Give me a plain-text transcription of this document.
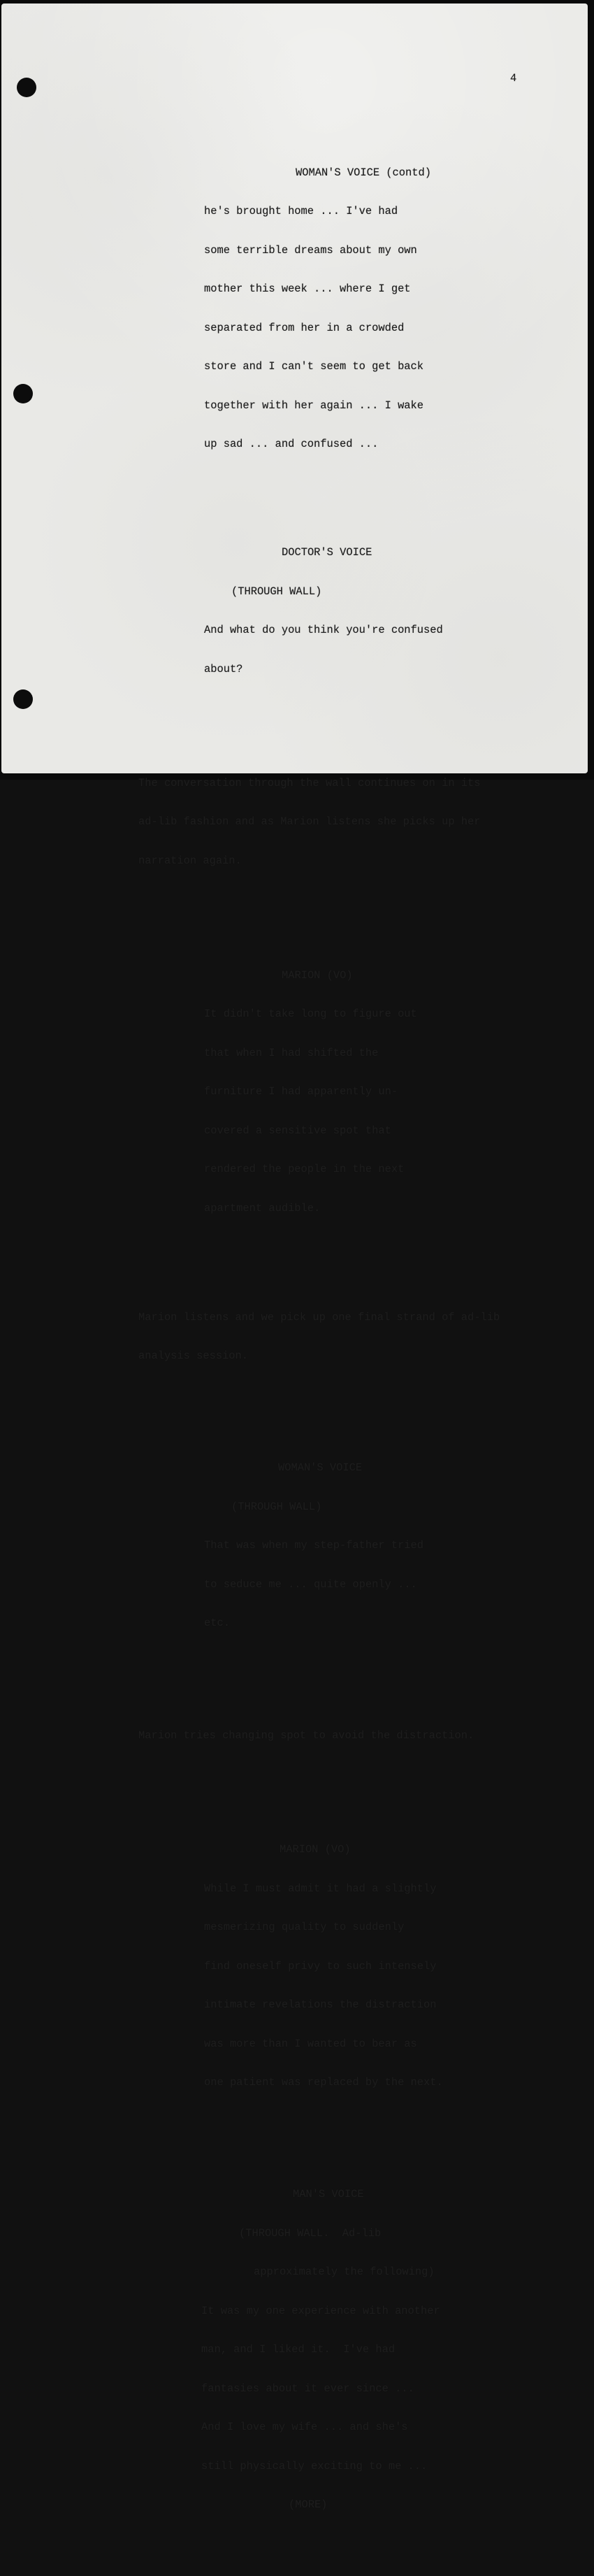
4

WOMAN'S VOICE (contd)

he's brought home ... I've had

some terrible dreams about my own

mother this week ... where I get

separated from her in a crowded

store and I can't seem to get back

together with her again ... I wake

up sad ... and confused ...

DOCTOR'S VOICE

(THROUGH WALL)

And what do you think you're confused

about?

The conversation through the wall continues on in its

ad-lib fashion and as Marion listens she picks up her

narration again.

MARION (VO)

It didn't take long to figure out

that when I had shifted the

furniture I had apparently un-

covered a sensitive spot that

rendered the people in the next

apartment audible.

Marion listens and we pick up one final strand of ad-lib

analysis session.

WOMAN'S VOICE

(THROUGH WALL)

That was when my step-father tried

to seduce me ... quite openly ...

etc.

Marion tries changing spot to avoid the distraction.

MARION (VO)

While I must admit it had a slightly

mesmerizing quality to suddenly

find oneself privy to such intensely

intimate revelations the distraction

was more than I wanted to bear as

one patient was replaced by the next.

MAN'S VOICE

(THROUGH WALL.  Ad-lib

approximately the following)

It was my one experience with another

man, and I liked it.  I've had

fantasies about it ever since ...

And I love my wife ... and she's

still physically exciting to me ...

(MORE)
